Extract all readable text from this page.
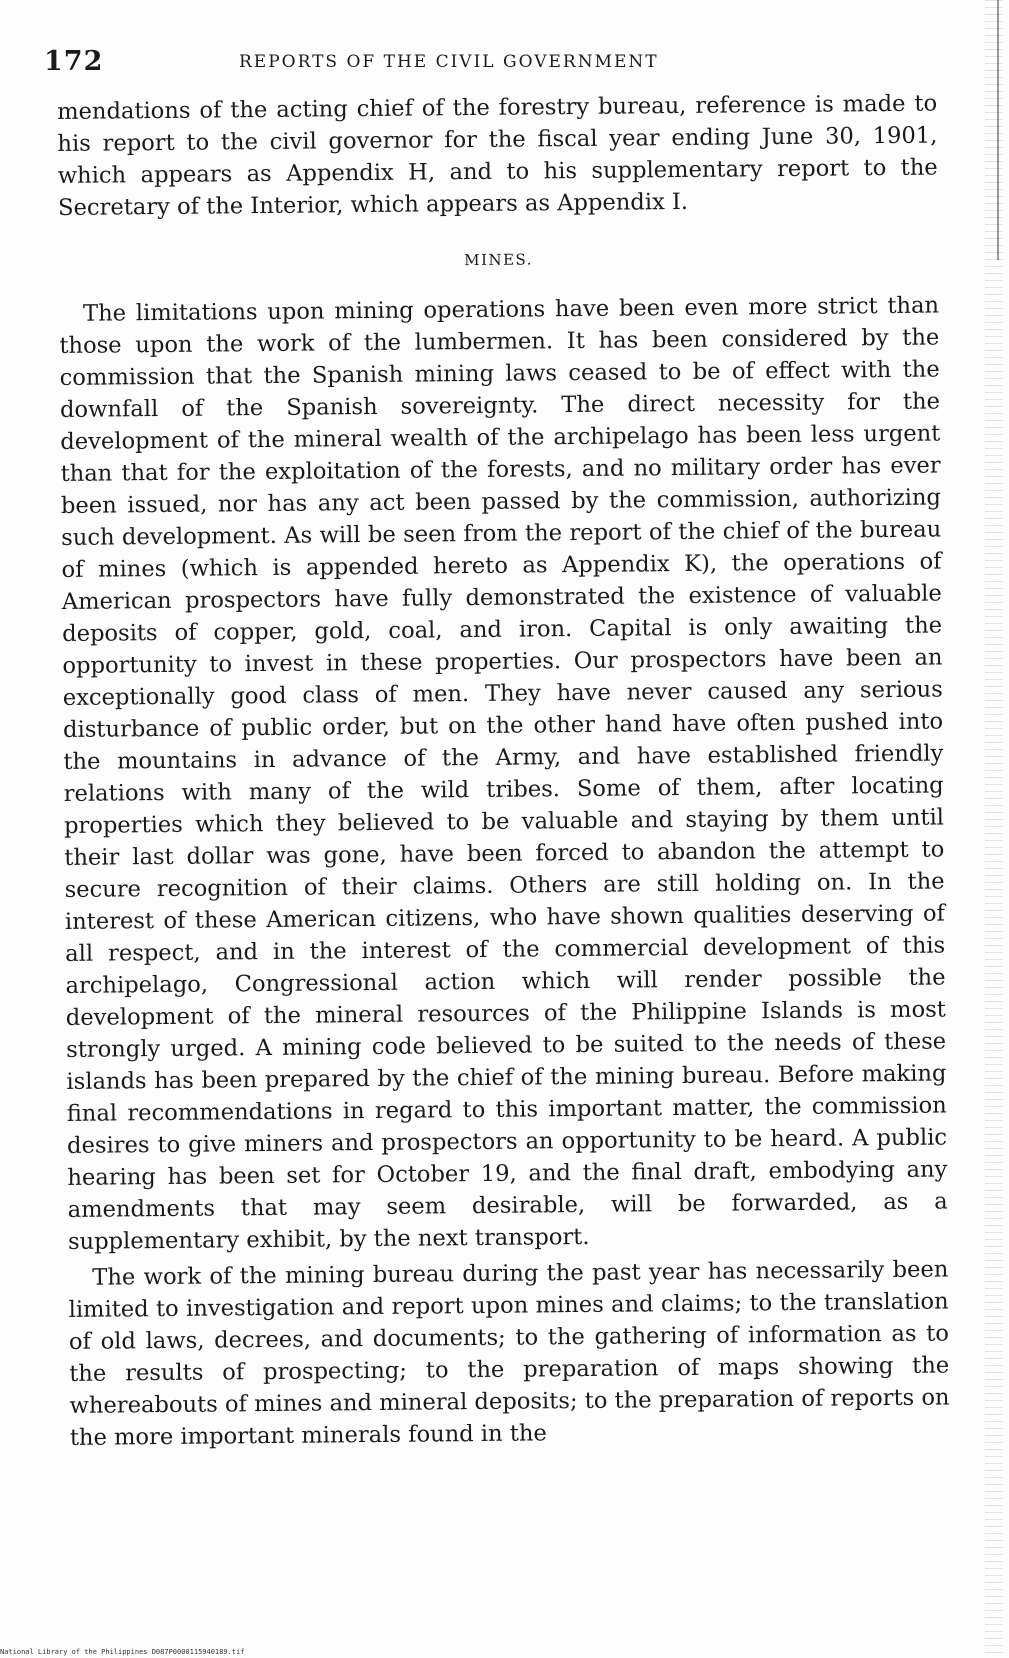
172	REPORTS OF THE CIVIL GOVERNMENT

mendations of the acting chief of the forestry bureau, reference is made to his report to the civil governor for the fiscal year ending June 30, 1901, which appears as Appendix H, and to his supplementary report to the Secretary of the Interior, which appears as Appendix I.

MINES.

The limitations upon mining operations have been even more strict than those upon the work of the lumbermen. It has been considered by the commission that the Spanish mining laws ceased to be of effect with the downfall of the Spanish sovereignty. The direct necessity for the development of the mineral wealth of the archipelago has been less urgent than that for the exploitation of the forests, and no military order has ever been issued, nor has any act been passed by the commission, authorizing such development. As will be seen from the report of the chief of the bureau of mines (which is appended hereto as Appendix K), the operations of American prospectors have fully demonstrated the existence of valuable deposits of copper, gold, coal, and iron. Capital is only awaiting the opportunity to invest in these properties. Our prospectors have been an exceptionally good class of men. They have never caused any serious disturbance of public order, but on the other hand have often pushed into the mountains in advance of the Army, and have established friendly relations with many of the wild tribes. Some of them, after locating properties which they believed to be valuable and staying by them until their last dollar was gone, have been forced to abandon the attempt to secure recognition of their claims. Others are still holding on. In the interest of these American citizens, who have shown qualities deserving of all respect, and in the interest of the commercial development of this archipelago, Congressional action which will render possible the development of the mineral resources of the Philippine Islands is most strongly urged. A mining code believed to be suited to the needs of these islands has been prepared by the chief of the mining bureau. Before making final recommendations in regard to this important matter, the commission desires to give miners and prospectors an opportunity to be heard. A public hearing has been set for October 19, and the final draft, embodying any amendments that may seem desirable, will be forwarded, as a supplementary exhibit, by the next transport.

The work of the mining bureau during the past year has necessarily been limited to investigation and report upon mines and claims; to the translation of old laws, decrees, and documents; to the gathering of information as to the results of prospecting; to the preparation of maps showing the whereabouts of mines and mineral deposits; to the preparation of reports on the more important minerals found in the

National Library of the Philippines D087P0000115940189.tif
